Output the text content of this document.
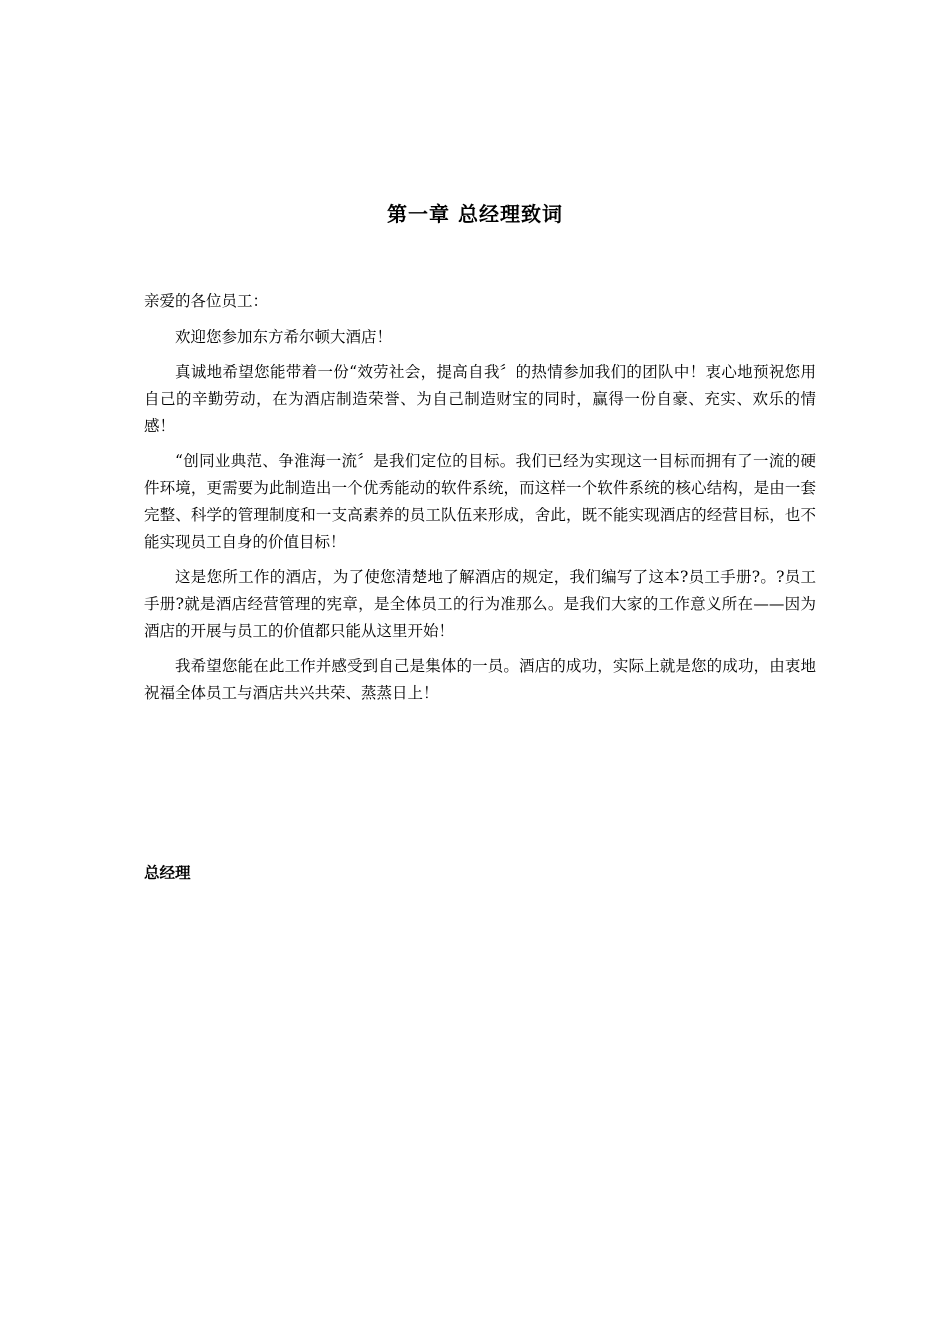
第一章 总经理致词

亲爱的各位员工：

欢迎您参加东方希尔顿大酒店！

真诚地希望您能带着一份“效劳社会，提高自我〞的热情参加我们的团队中！衷心地预祝您用自己的辛勤劳动，在为酒店制造荣誉、为自己制造财宝的同时，赢得一份自豪、充实、欢乐的情感！

“创同业典范、争淮海一流〞是我们定位的目标。我们已经为实现这一目标而拥有了一流的硬件环境，更需要为此制造出一个优秀能动的软件系统，而这样一个软件系统的核心结构，是由一套完整、科学的管理制度和一支高素养的员工队伍来形成，舍此，既不能实现酒店的经营目标，也不能实现员工自身的价值目标！

这是您所工作的酒店，为了使您清楚地了解酒店的规定，我们编写了这本?员工手册?。?员工手册?就是酒店经营管理的宪章，是全体员工的行为准那么。是我们大家的工作意义所在——因为酒店的开展与员工的价值都只能从这里开始！

我希望您能在此工作并感受到自己是集体的一员。酒店的成功，实际上就是您的成功，由衷地祝福全体员工与酒店共兴共荣、蒸蒸日上！

总经理
